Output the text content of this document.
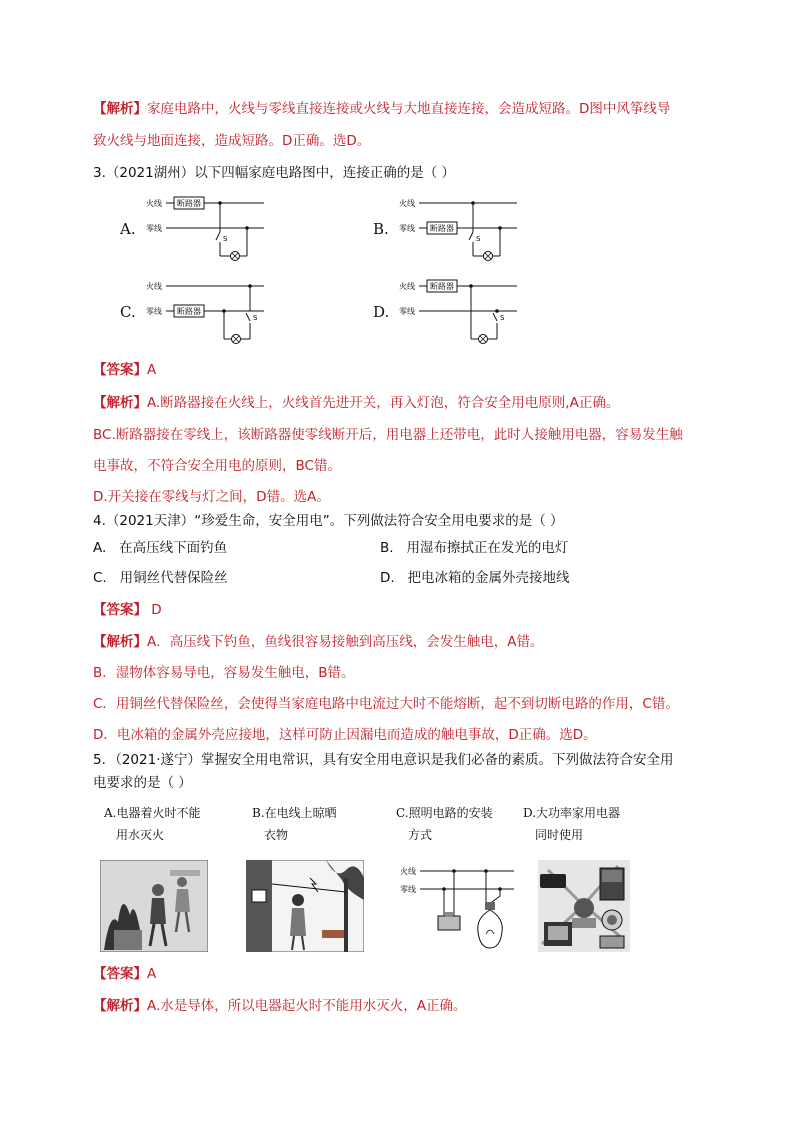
【解析】家庭电路中，火线与零线直接连接或火线与大地直接连接，会造成短路。D图中风筝线导
致火线与地面连接，造成短路。D正确。选D。
3.（2021湖州）以下四幅家庭电路图中，连接正确的是（ ）
A.	B.
C.	D.
火线
零线
断路器
S
火线
零线 断路器
S
火线
零线 断路器
S
火线
零线
断路器
S
【答案】A
【解析】A.断路器接在火线上，火线首先进开关，再入灯泡，符合安全用电原则,A正确。
BC.断路器接在零线上，该断路器使零线断开后，用电器上还带电，此时人接触用电器，容易发生触
电事故，不符合安全用电的原则，BC错。
D.开关接在零线与灯之间，D错。选A。
4.（2021天津）“珍爱生命，安全用电”。下列做法符合安全用电要求的是（ ）
A. 在高压线下面钓鱼	B. 用湿布擦拭正在发光的电灯
C. 用铜丝代替保险丝	D. 把电冰箱的金属外壳接地线
【答案】 D
【解析】A．高压线下钓鱼，鱼线很容易接触到高压线，会发生触电，A错。
B．湿物体容易导电，容易发生触电，B错。
C．用铜丝代替保险丝，会使得当家庭电路中电流过大时不能熔断，起不到切断电路的作用，C错。
D．电冰箱的金属外壳应接地，这样可防止因漏电而造成的触电事故，D正确。选D。
5．（2021·遂宁）掌握安全用电常识，具有安全用电意识是我们必备的素质。下列做法符合安全用
电要求的是（ ）
A.电器着火时不能
用水灭火
B.在电线上晾晒
衣物
C.照明电路的安装
方式
D.大功率家用电器
同时使用
火线
零线
【答案】A
【解析】A.水是导体，所以电器起火时不能用水灭火，A正确。
